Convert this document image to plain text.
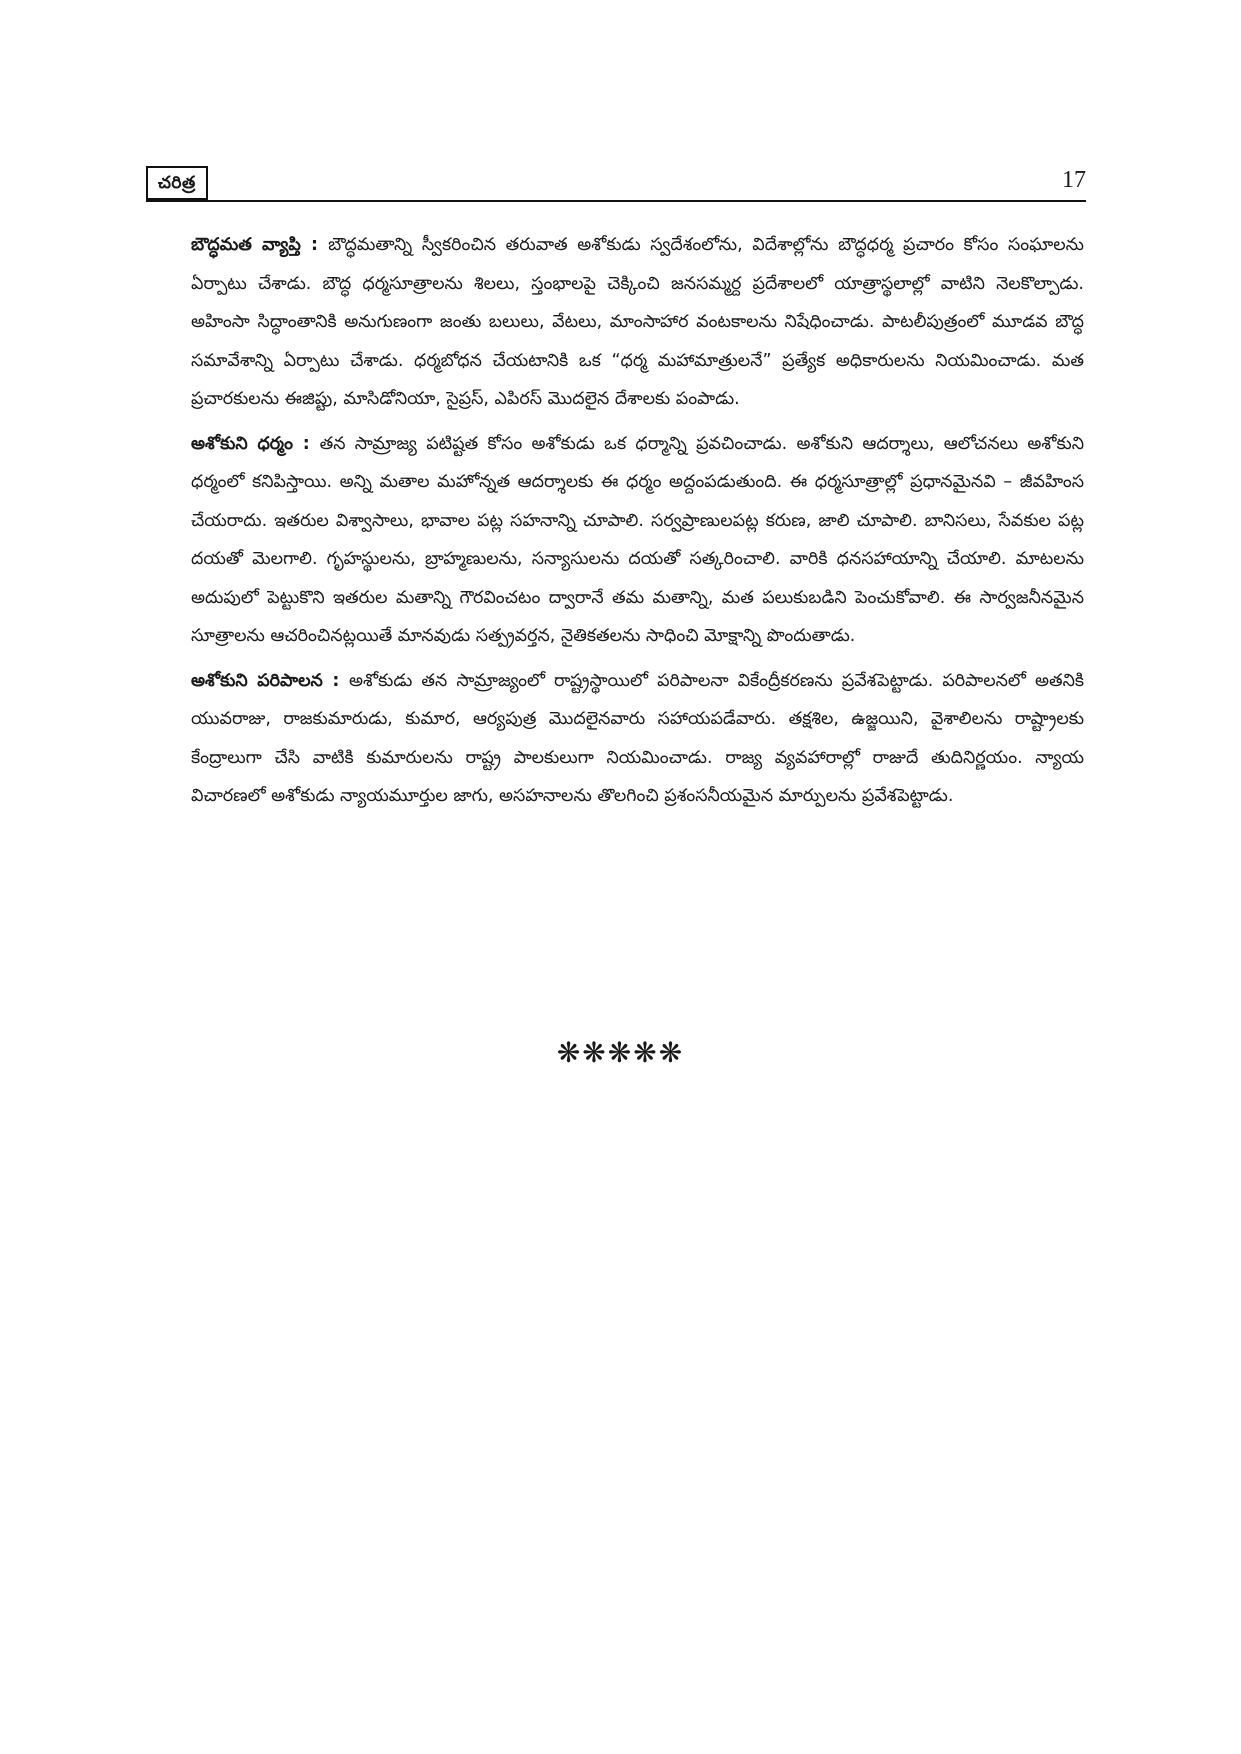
చరిత్ర	17

బౌద్ధమత వ్యాప్తి : బౌద్ధమతాన్ని స్వీకరించిన తరువాత అశోకుడు స్వదేశంలోను, విదేశాల్లోను బౌద్ధధర్మ ప్రచారం కోసం సంఘాలను ఏర్పాటు చేశాడు. బౌద్ధ ధర్మసూత్రాలను శిలలు, స్తంభాలపై చెక్కించి జనసమ్మర్ద ప్రదేశాలలో యాత్రాస్థలాల్లో వాటిని నెలకొల్పాడు. అహింసా సిద్ధాంతానికి అనుగుణంగా జంతు బలులు, వేటలు, మాంసాహార వంటకాలను నిషేధించాడు. పాటలీపుత్రంలో మూడవ బౌద్ధ సమావేశాన్ని ఏర్పాటు చేశాడు. ధర్మబోధన చేయటానికి ఒక “ధర్మ మహామాత్రులనే” ప్రత్యేక అధికారులను నియమించాడు. మత ప్రచారకులను ఈజిప్టు, మాసిడోనియా, సైప్రస్, ఎపిరస్ మొదలైన దేశాలకు పంపాడు.

అశోకుని ధర్మం : తన సామ్రాజ్య పటిష్టత కోసం అశోకుడు ఒక ధర్మాన్ని ప్రవచించాడు. అశోకుని ఆదర్శాలు, ఆలోచనలు అశోకుని ధర్మంలో కనిపిస్తాయి. అన్ని మతాల మహోన్నత ఆదర్శాలకు ఈ ధర్మం అద్దంపడుతుంది. ఈ ధర్మసూత్రాల్లో ప్రధానమైనవి – జీవహింస చేయరాదు. ఇతరుల విశ్వాసాలు, భావాల పట్ల సహనాన్ని చూపాలి. సర్వప్రాణులపట్ల కరుణ, జాలి చూపాలి. బానిసలు, సేవకుల పట్ల దయతో మెలగాలి. గృహస్థులను, బ్రాహ్మణులను, సన్యాసులను దయతో సత్కరించాలి. వారికి ధనసహాయాన్ని చేయాలి. మాటలను అదుపులో పెట్టుకొని ఇతరుల మతాన్ని గౌరవించటం ద్వారానే తమ మతాన్ని, మత పలుకుబడిని పెంచుకోవాలి. ఈ సార్వజనీనమైన సూత్రాలను ఆచరించినట్లయితే మానవుడు సత్ప్రవర్తన, నైతికతలను సాధించి మోక్షాన్ని పొందుతాడు.

అశోకుని పరిపాలన : అశోకుడు తన సామ్రాజ్యంలో రాష్ట్రస్థాయిలో పరిపాలనా వికేంద్రీకరణను ప్రవేశపెట్టాడు. పరిపాలనలో అతనికి యువరాజు, రాజకుమారుడు, కుమార, ఆర్యపుత్ర మొదలైనవారు సహాయపడేవారు. తక్షశిల, ఉజ్జయిని, వైశాలిలను రాష్ట్రాలకు కేంద్రాలుగా చేసి వాటికి కుమారులను రాష్ట్ర పాలకులుగా నియమించాడు. రాజ్య వ్యవహారాల్లో రాజుదే తుదినిర్ణయం. న్యాయ విచారణలో అశోకుడు న్యాయమూర్తుల జాగు, అసహనాలను తొలగించి ప్రశంసనీయమైన మార్పులను ప్రవేశపెట్టాడు.

❋❋❋❋❋
